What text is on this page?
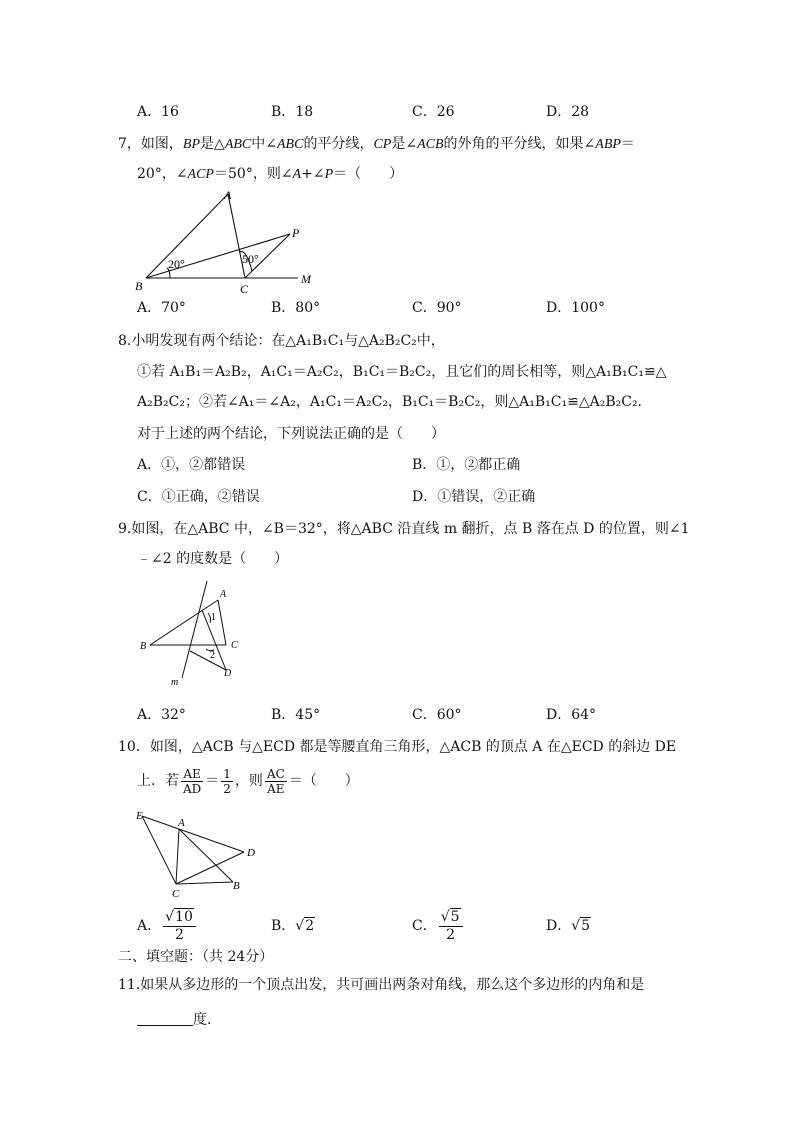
A．16	B．18	C．26	D．28
7，如图，BP是△ABC中∠ABC的平分线，CP是∠ACB的外角的平分线，如果∠ABP＝
20°，∠ACP＝50°，则∠A+∠P＝（　　）
A
B	C
P
M
20°	50°
A．70°	B．80°	C．90°	D．100°
8.小明发现有两个结论：在△A₁B₁C₁与△A₂B₂C₂中，
①若 A₁B₁＝A₂B₂，A₁C₁＝A₂C₂，B₁C₁＝B₂C₂，且它们的周长相等，则△A₁B₁C₁≌△
A₂B₂C₂；②若∠A₁＝∠A₂，A₁C₁＝A₂C₂，B₁C₁＝B₂C₂，则△A₁B₁C₁≌△A₂B₂C₂.
对于上述的两个结论，下列说法正确的是（　　）
A．①，②都错误	B．①，②都正确
C．①正确，②错误	D．①错误，②正确
9.如图，在△ABC 中，∠B＝32°，将△ABC 沿直线 m 翻折，点 B 落在点 D 的位置，则∠1
﹣∠2 的度数是（　　）
A
B	C
D
m
1
2
A．32°	B．45°	C．60°	D．64°
10．如图，△ACB 与△ECD 都是等腰直角三角形，△ACB 的顶点 A 在△ECD 的斜边 DE
上．若 $\frac{AE}{AD} = \frac{1}{2}$ ，则 $\frac{AC}{AE}$ ＝（　　）
E
A
D
C
B
A． $\frac{√10}{2}$	B．√2	C． $\frac{√5}{2}$	D．√5
二、填空题：（共 24分）
11.如果从多边形的一个顶点出发，共可画出两条对角线，那么这个多边形的内角和是
度.
